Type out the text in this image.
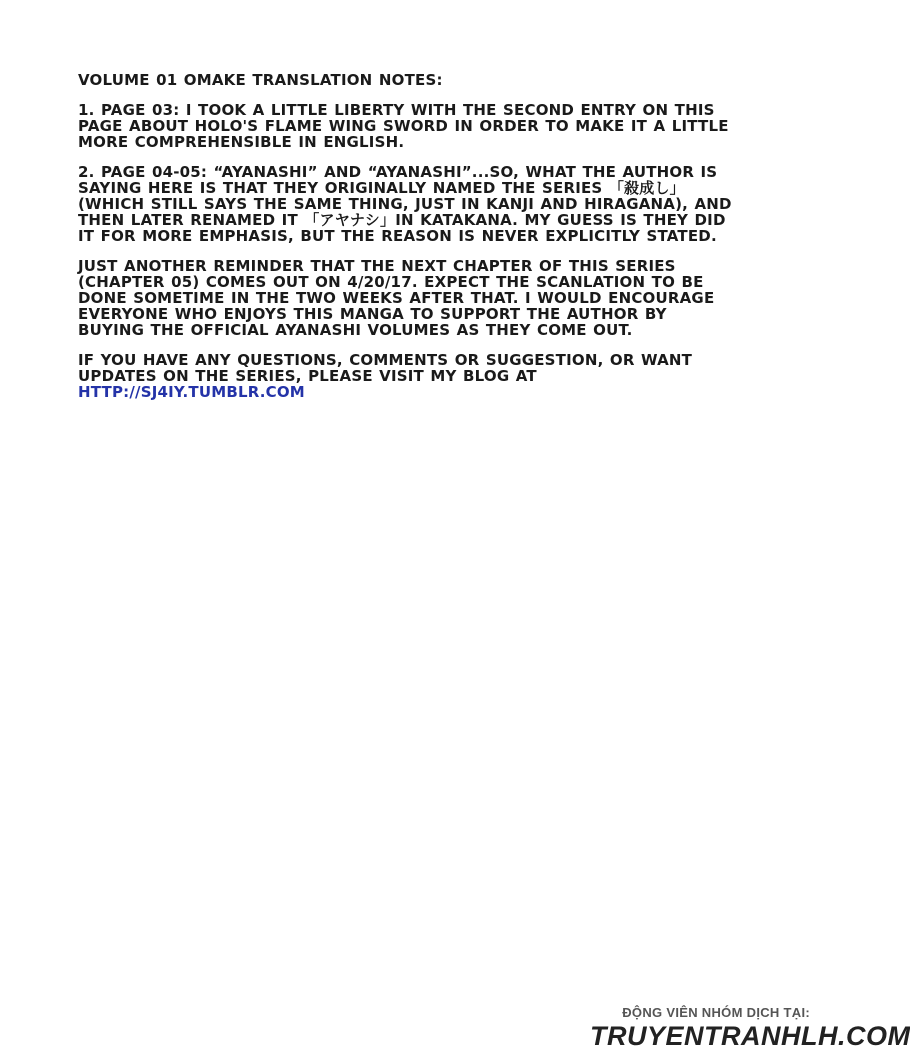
VOLUME 01 OMAKE TRANSLATION NOTES:

1. PAGE 03: I TOOK A LITTLE LIBERTY WITH THE SECOND ENTRY ON THIS PAGE ABOUT HOLO'S FLAME WING SWORD IN ORDER TO MAKE IT A LITTLE MORE COMPREHENSIBLE IN ENGLISH.

2. PAGE 04-05: “AYANASHI” AND “AYANASHI”...SO, WHAT THE AUTHOR IS SAYING HERE IS THAT THEY ORIGINALLY NAMED THE SERIES 「殺成し」(WHICH STILL SAYS THE SAME THING, JUST IN KANJI AND HIRAGANA), AND THEN LATER RENAMED IT 「アヤナシ」IN KATAKANA. MY GUESS IS THEY DID IT FOR MORE EMPHASIS, BUT THE REASON IS NEVER EXPLICITLY STATED.

JUST ANOTHER REMINDER THAT THE NEXT CHAPTER OF THIS SERIES (CHAPTER 05) COMES OUT ON 4/20/17. EXPECT THE SCANLATION TO BE DONE SOMETIME IN THE TWO WEEKS AFTER THAT. I WOULD ENCOURAGE EVERYONE WHO ENJOYS THIS MANGA TO SUPPORT THE AUTHOR BY BUYING THE OFFICIAL AYANASHI VOLUMES AS THEY COME OUT.

IF YOU HAVE ANY QUESTIONS, COMMENTS OR SUGGESTION, OR WANT UPDATES ON THE SERIES, PLEASE VISIT MY BLOG AT HTTP://SJ4IY.TUMBLR.COM

ĐỘNG VIÊN NHÓM DỊCH TẠI:
TRUYENTRANHLH.COM
